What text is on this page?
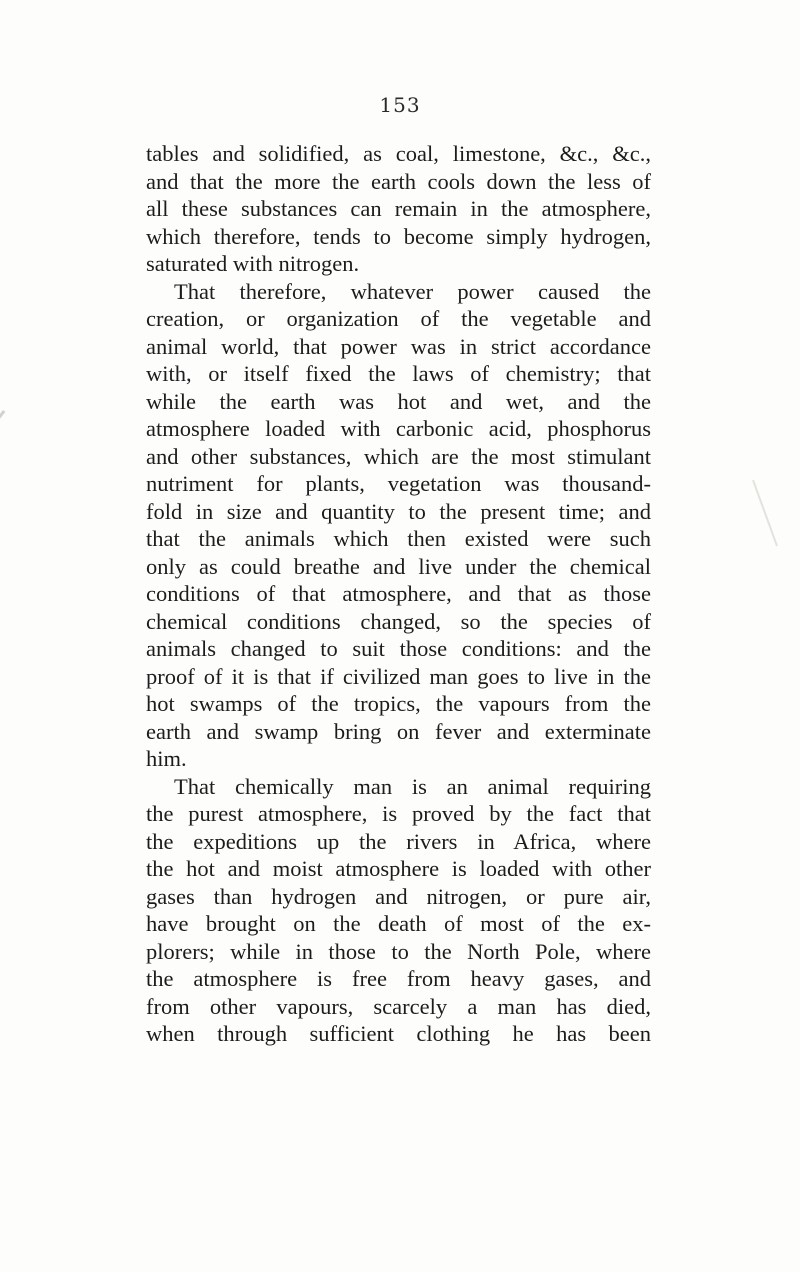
153
tables and solidified, as coal, limestone, &c., &c.,
and that the more the earth cools down the less of
all these substances can remain in the atmosphere,
which therefore, tends to become simply hydrogen,
saturated with nitrogen.
That therefore, whatever power caused the
creation, or organization of the vegetable and
animal world, that power was in strict accordance
with, or itself fixed the laws of chemistry; that
while the earth was hot and wet, and the
atmosphere loaded with carbonic acid, phosphorus
and other substances, which are the most stimulant
nutriment for plants, vegetation was thousand-
fold in size and quantity to the present time; and
that the animals which then existed were such
only as could breathe and live under the chemical
conditions of that atmosphere, and that as those
chemical conditions changed, so the species of
animals changed to suit those conditions: and the
proof of it is that if civilized man goes to live in the
hot swamps of the tropics, the vapours from the
earth and swamp bring on fever and exterminate
him.
That chemically man is an animal requiring
the purest atmosphere, is proved by the fact that
the expeditions up the rivers in Africa, where
the hot and moist atmosphere is loaded with other
gases than hydrogen and nitrogen, or pure air,
have brought on the death of most of the ex-
plorers; while in those to the North Pole, where
the atmosphere is free from heavy gases, and
from other vapours, scarcely a man has died,
when through sufficient clothing he has been
